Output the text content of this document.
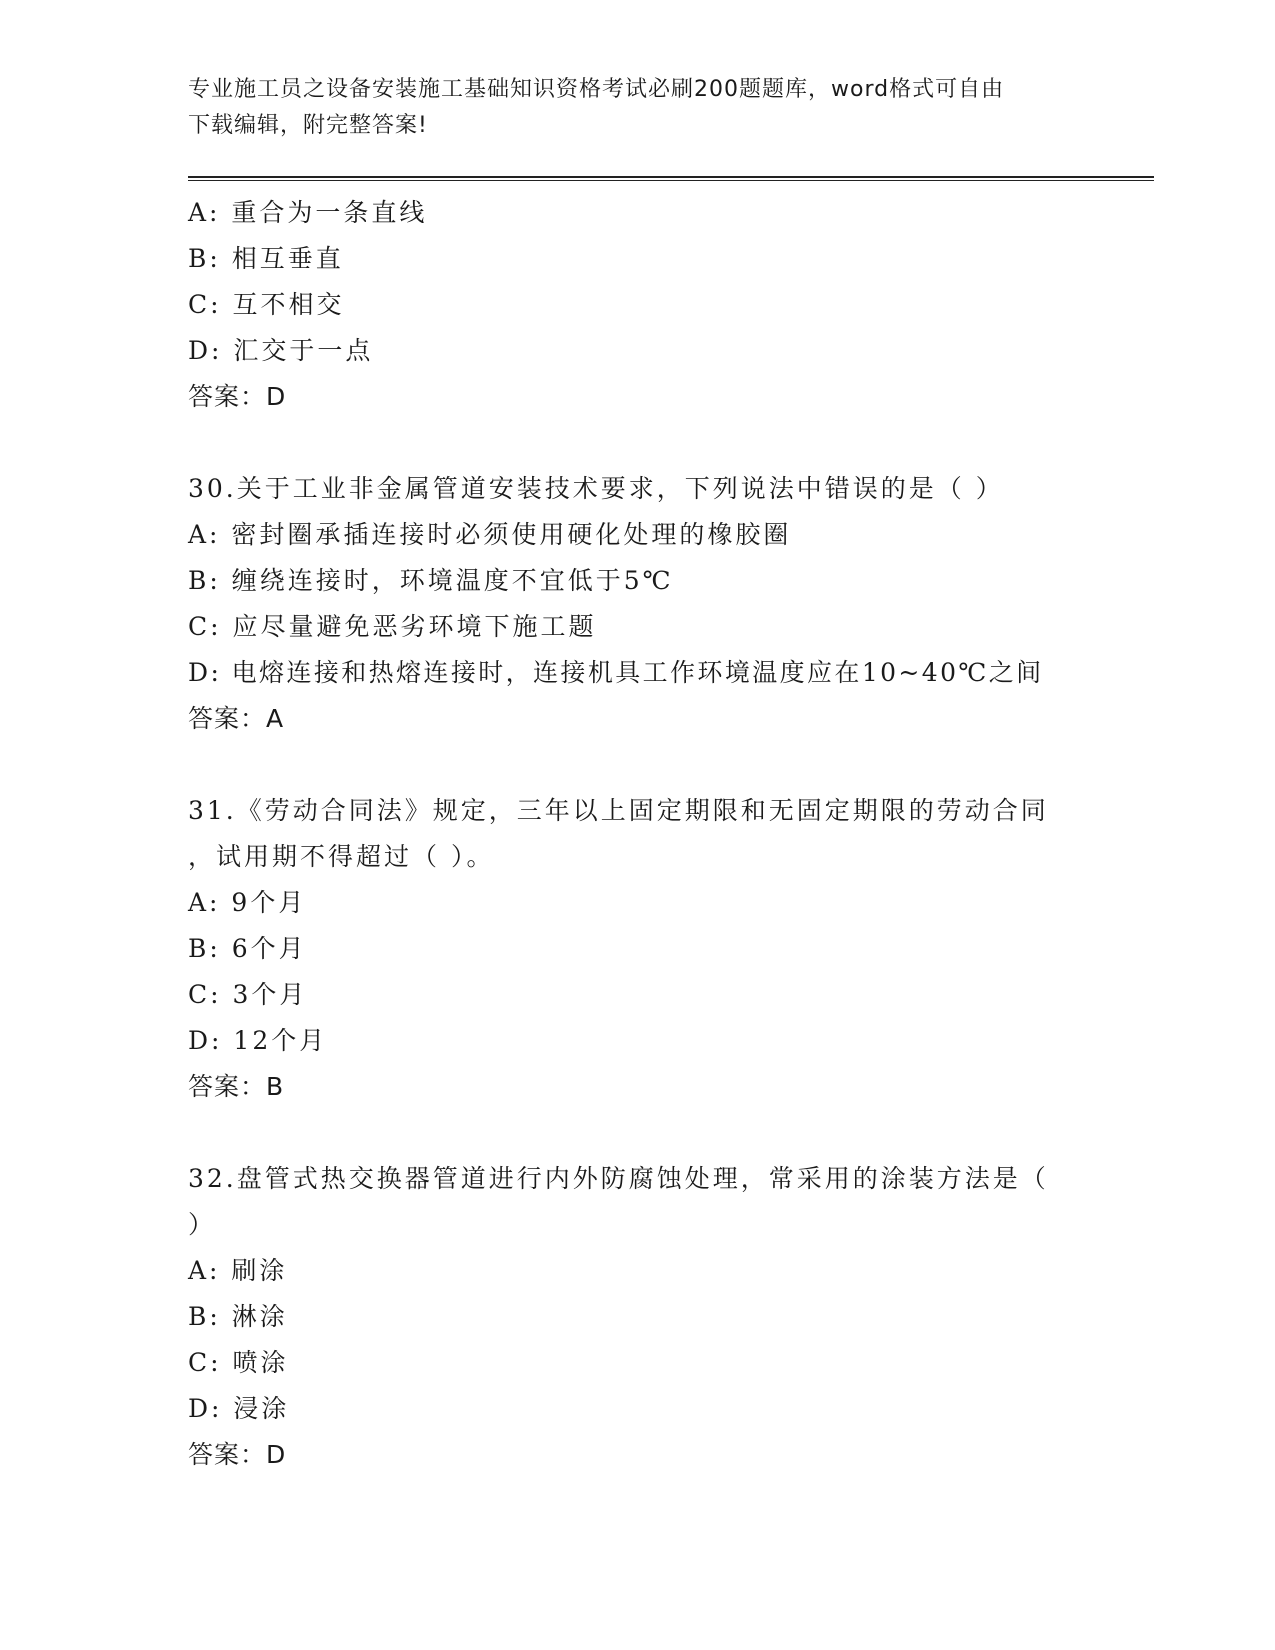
专业施工员之设备安装施工基础知识资格考试必刷200题题库，word格式可自由
下载编辑，附完整答案!
A: 重合为一条直线
B: 相互垂直
C: 互不相交
D: 汇交于一点
答案：D
30.关于工业非金属管道安装技术要求，下列说法中错误的是（ ）
A: 密封圈承插连接时必须使用硬化处理的橡胶圈
B: 缠绕连接时，环境温度不宜低于5℃
C: 应尽量避免恶劣环境下施工题
D: 电熔连接和热熔连接时，连接机具工作环境温度应在10~40℃之间
答案：A
31.《劳动合同法》规定，三年以上固定期限和无固定期限的劳动合同
，试用期不得超过（ ）。
A: 9个月
B: 6个月
C: 3个月
D: 12个月
答案：B
32.盘管式热交换器管道进行内外防腐蚀处理，常采用的涂装方法是（
）
A: 刷涂
B: 淋涂
C: 喷涂
D: 浸涂
答案：D
